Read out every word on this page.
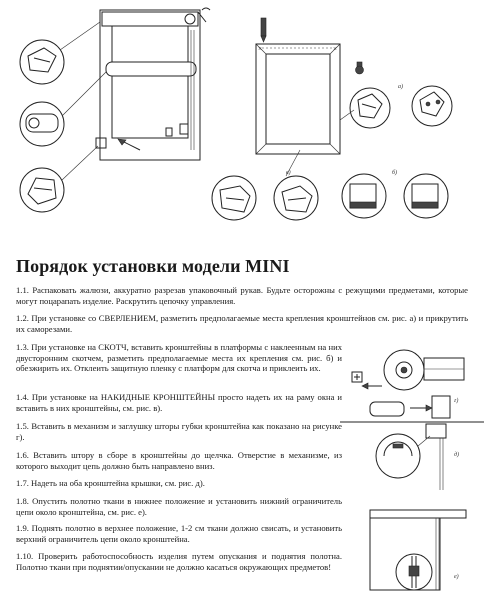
×	×
а)
в)	б)
Порядок установки модели MINI

1.1. Распаковать жалюзи, аккуратно разрезав упаковочный рукав. Будьте осторожны с режущими предметами, которые могут поцарапать изделие. Раскрутить цепочку управления.

1.2. При установке со СВЕРЛЕНИЕМ, разметить предполагаемые места крепления кронштейнов см. рис. а) и прикрутить их саморезами.

1.3. При установке на СКОТЧ, вставить кронштейны в платформы с наклеенным на них двусторонним скотчем, разметить предполагаемые места их крепления см. рис. б) и обезжирить их. Отклеить защитную пленку с платформ для скотча и приклеить их.

1.4. При установке на НАКИДНЫЕ КРОНШТЕЙНЫ просто надеть их на раму окна и вставить в них кронштейны, см. рис. в).

1.5. Вставить в механизм и заглушку шторы губки кронштейна как показано на рисунке г).

1.6. Вставить штору в сборе в кронштейны до щелчка. Отверстие в механизме, из которого выходит цепь должно быть направлено вниз.

1.7. Надеть на оба кронштейна крышки, см. рис. д).

1.8. Опустить полотно ткани в нижнее положение и установить нижний ограничитель цепи около кронштейна, см. рис. е).

1.9. Поднять полотно в верхнее положение, 1-2 см ткани должно свисать, и установить верхний ограничитель цепи около кронштейна.

1.10. Проверить работоспособность изделия путем опускания и поднятия полотна. Полотно ткани при поднятии/опускании не должно касаться окружающих предметов!

г)
д)
е)
